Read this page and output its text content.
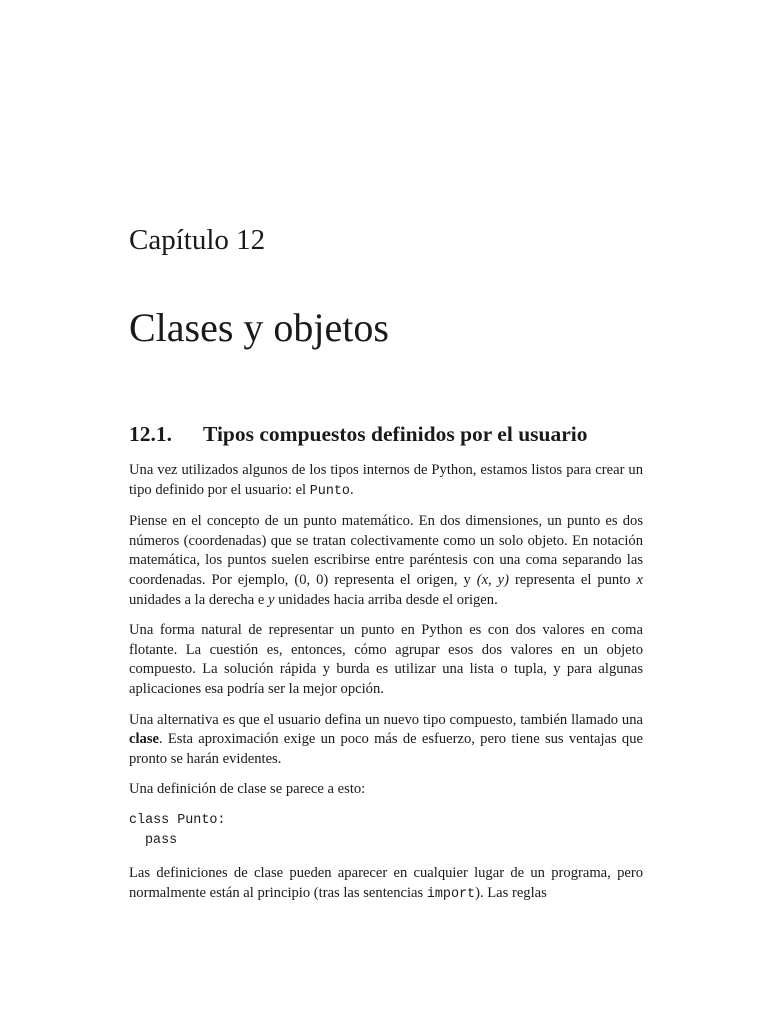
Capítulo 12
Clases y objetos
12.1. Tipos compuestos definidos por el usuario

Una vez utilizados algunos de los tipos internos de Python, estamos listos para crear un tipo definido por el usuario: el Punto.

Piense en el concepto de un punto matemático. En dos dimensiones, un punto es dos números (coordenadas) que se tratan colectivamente como un solo objeto. En notación matemática, los puntos suelen escribirse entre paréntesis con una coma separando las coordenadas. Por ejemplo, (0, 0) representa el origen, y (x, y) representa el punto x unidades a la derecha e y unidades hacia arriba desde el origen.

Una forma natural de representar un punto en Python es con dos valores en coma flotante. La cuestión es, entonces, cómo agrupar esos dos valores en un objeto compuesto. La solución rápida y burda es utilizar una lista o tupla, y para algunas aplicaciones esa podría ser la mejor opción.

Una alternativa es que el usuario defina un nuevo tipo compuesto, también llamado una clase. Esta aproximación exige un poco más de esfuerzo, pero tiene sus ventajas que pronto se harán evidentes.

Una definición de clase se parece a esto:

class Punto:
pass

Las definiciones de clase pueden aparecer en cualquier lugar de un programa, pero normalmente están al principio (tras las sentencias import). Las reglas
